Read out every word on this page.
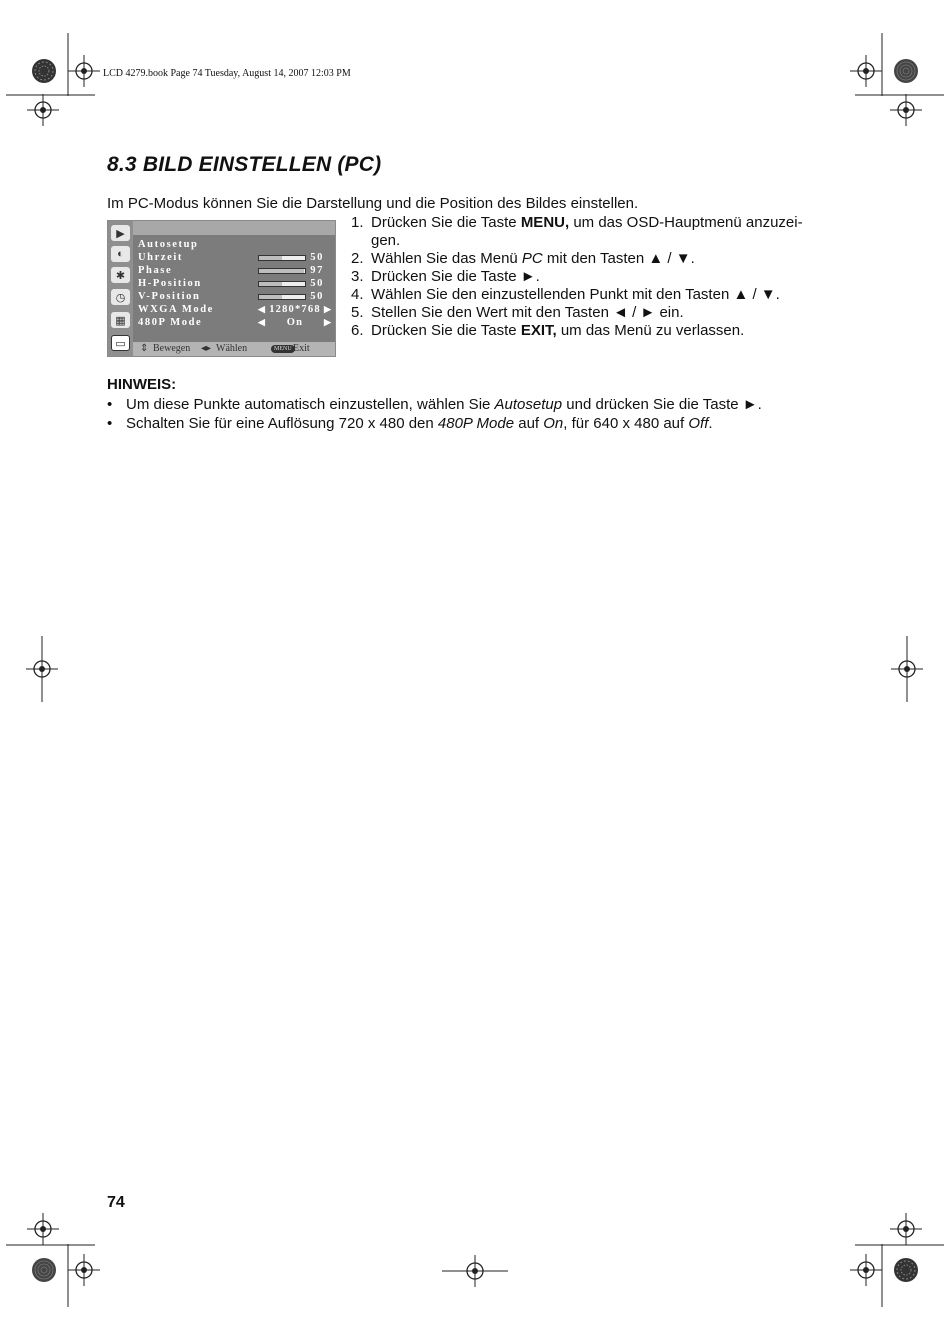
LCD 4279.book Page 74 Tuesday, August 14, 2007 12:03 PM
8.3 BILD EINSTELLEN (PC)
Im PC-Modus können Sie die Darstellung und die Position des Bildes einstellen.
▶
◐
✱
◷
▦
▭
Autosetup
Uhrzeit	50
Phase	97
H-Position	50
V-Position	50
WXGA Mode	◀ 1280*768 ▶
480P Mode	◀	On	▶
⇕ Bewegen ◂▸ Wählen	MENU Exit
1. Drücken Sie die Taste MENU, um das OSD-Hauptmenü anzuzei-
gen.
2. Wählen Sie das Menü PC mit den Tasten ▲ / ▼.
3. Drücken Sie die Taste ►.
4. Wählen Sie den einzustellenden Punkt mit den Tasten ▲ / ▼.
5. Stellen Sie den Wert mit den Tasten ◄ / ► ein.
6. Drücken Sie die Taste EXIT, um das Menü zu verlassen.
HINWEIS:
• Um diese Punkte automatisch einzustellen, wählen Sie Autosetup und drücken Sie die Taste ►.
• Schalten Sie für eine Auflösung 720 x 480 den 480P Mode auf On, für 640 x 480 auf Off.
74
